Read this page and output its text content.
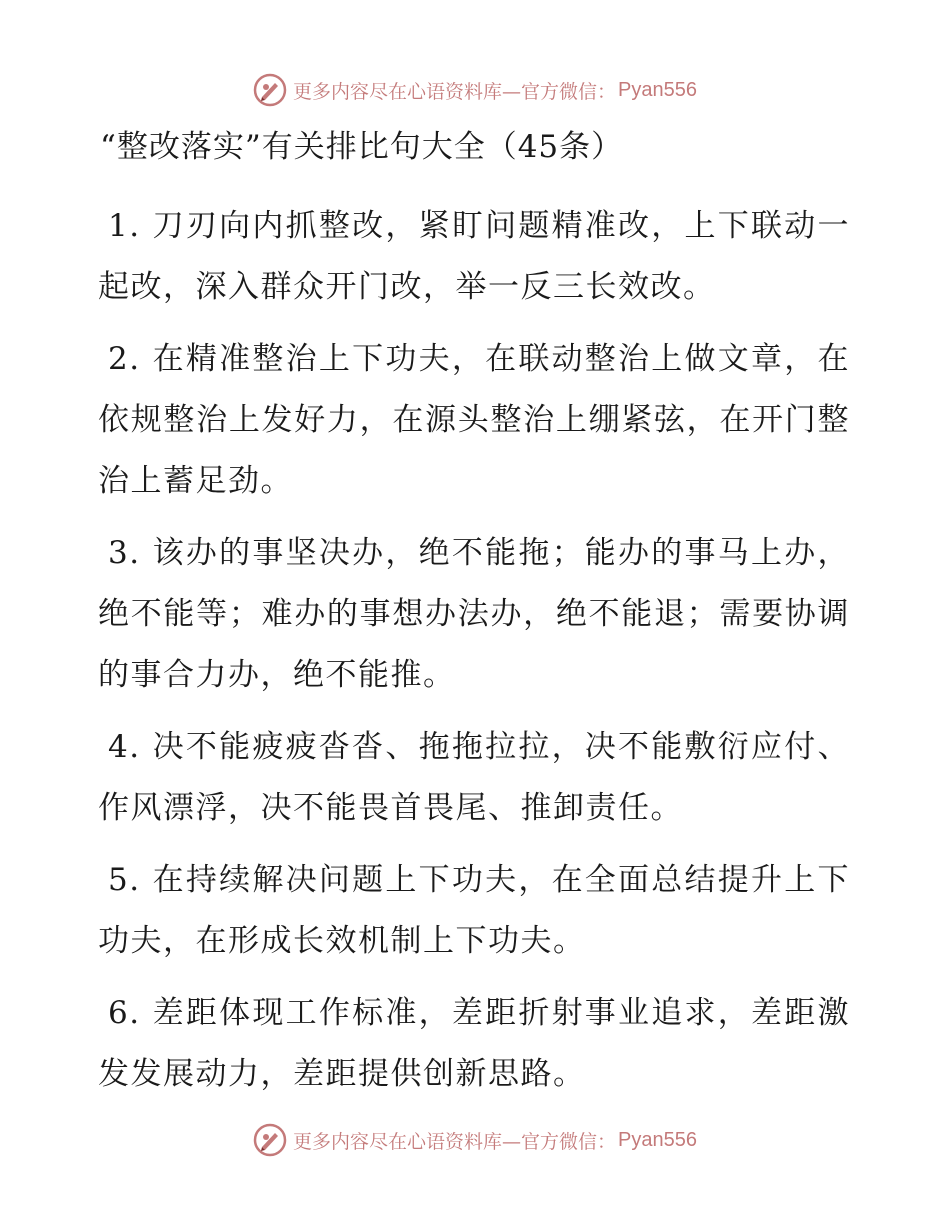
更多内容尽在心语资料库—官方微信： Pyan556
“整改落实”有关排比句大全（45条）

1. 刀刃向内抓整改，紧盯问题精准改，上下联动一起改，深入群众开门改，举一反三长效改。

2. 在精准整治上下功夫，在联动整治上做文章，在依规整治上发好力，在源头整治上绷紧弦，在开门整治上蓄足劲。

3. 该办的事坚决办，绝不能拖；能办的事马上办，绝不能等；难办的事想办法办，绝不能退；需要协调的事合力办，绝不能推。

4. 决不能疲疲沓沓、拖拖拉拉，决不能敷衍应付、作风漂浮，决不能畏首畏尾、推卸责任。

5. 在持续解决问题上下功夫，在全面总结提升上下功夫，在形成长效机制上下功夫。

6. 差距体现工作标准，差距折射事业追求，差距激发发展动力，差距提供创新思路。

更多内容尽在心语资料库—官方微信： Pyan556
